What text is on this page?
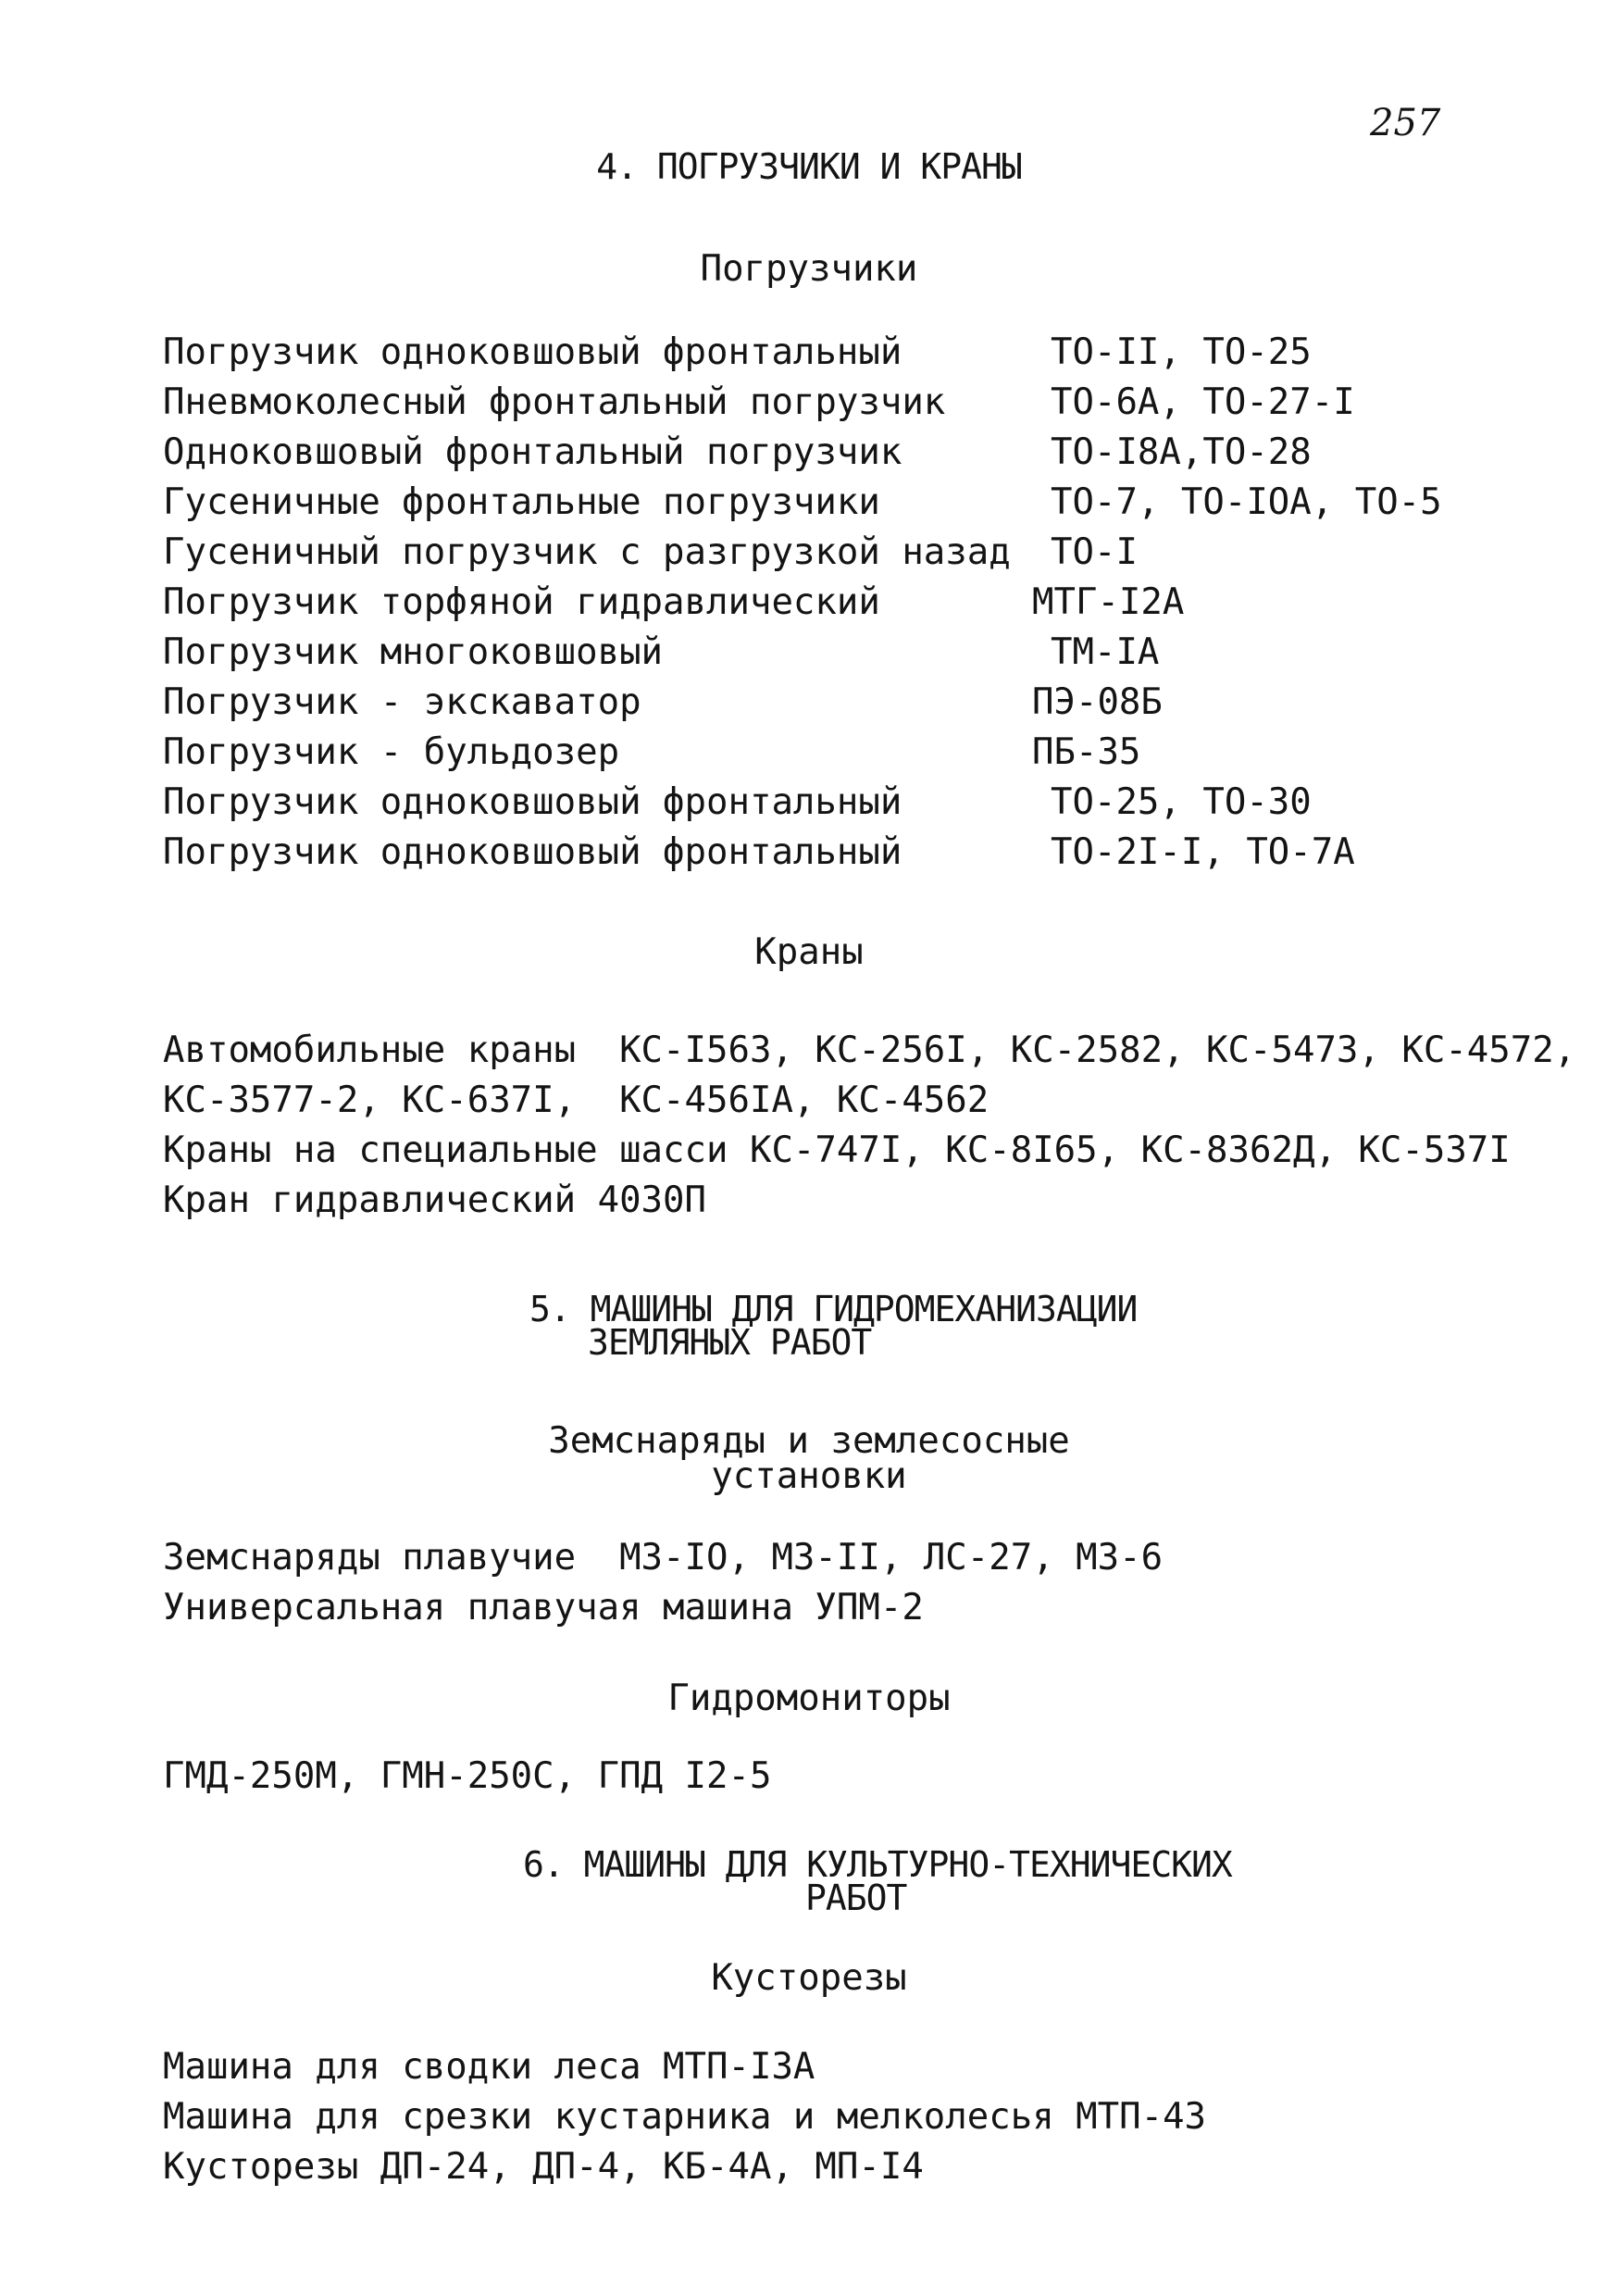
257
4. ПОГРУЗЧИКИ И КРАНЫ
Погрузчики
Погрузчик одноковшовый фронтальный	ТО-II, ТО-25
Пневмоколесный фронтальный погрузчик	ТО-6А, ТО-27-I
Одноковшовый фронтальный погрузчик	ТО-I8А,ТО-28
Гусеничные фронтальные погрузчики	ТО-7, ТО-IОА, ТО-5
Гусеничный погрузчик с разгрузкой назад ТО-I
Погрузчик торфяной гидравлический	МТГ-I2А
Погрузчик многоковшовый	ТМ-IА
Погрузчик - экскаватор	ПЭ-08Б
Погрузчик - бульдозер	ПБ-35
Погрузчик одноковшовый фронтальный	ТО-25, ТО-30
Погрузчик одноковшовый фронтальный	ТО-2I-I, ТО-7А
Краны
Автомобильные краны  КС-I563, КС-256I, КС-2582, КС-5473, КС-4572,
КС-3577-2, КС-637I,  КС-456IА, КС-4562
Краны на специальные шасси КС-747I, КС-8I65, КС-8362Д, КС-537I
Кран гидравлический 4030П
5. МАШИНЫ ДЛЯ ГИДРОМЕХАНИЗАЦИИ
ЗЕМЛЯНЫХ РАБОТ
Земснаряды и землесосные
установки
Земснаряды плавучие  МЗ-IО, МЗ-II, ЛС-27, МЗ-6
Универсальная плавучая машина УПМ-2
Гидромониторы
ГМД-250М, ГМН-250С, ГПД I2-5
6. МАШИНЫ ДЛЯ КУЛЬТУРНО-ТЕХНИЧЕСКИХ
РАБОТ
Кусторезы
Машина для сводки леса МТП-I3А
Машина для срезки кустарника и мелколесья МТП-43
Кусторезы ДП-24, ДП-4, КБ-4А, МП-I4
